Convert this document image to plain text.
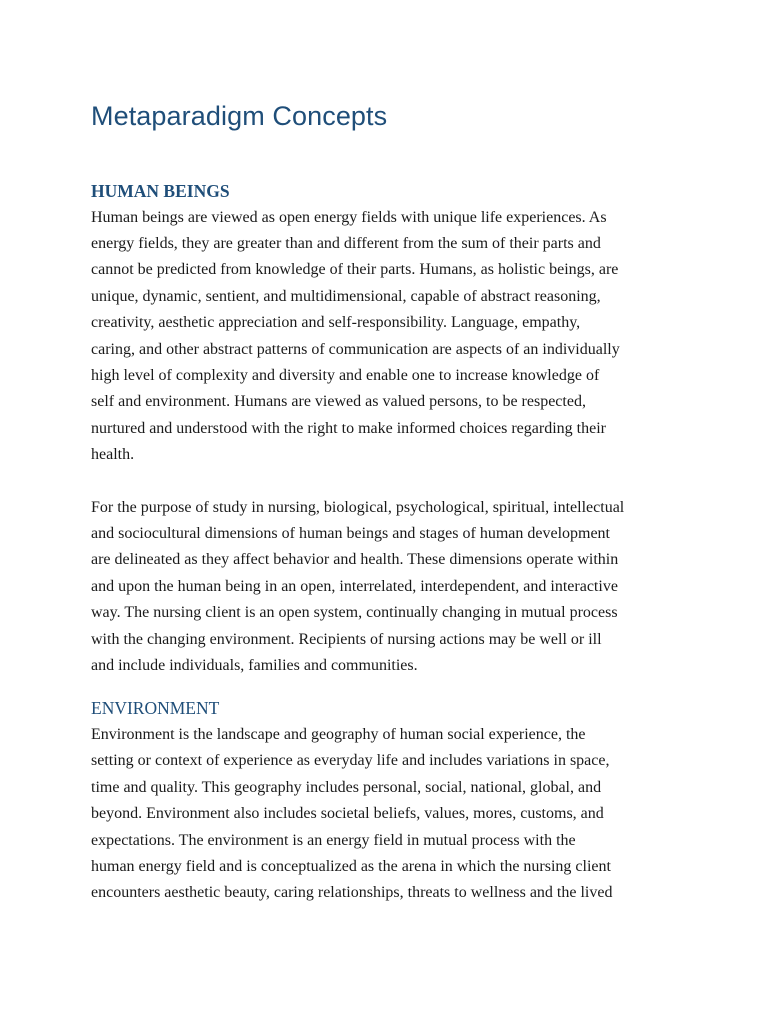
Metaparadigm Concepts
HUMAN BEINGS

Human beings are viewed as open energy fields with unique life experiences. As
energy fields, they are greater than and different from the sum of their parts and
cannot be predicted from knowledge of their parts. Humans, as holistic beings, are
unique, dynamic, sentient, and multidimensional, capable of abstract reasoning,
creativity, aesthetic appreciation and self-responsibility. Language, empathy,
caring, and other abstract patterns of communication are aspects of an individually
high level of complexity and diversity and enable one to increase knowledge of
self and environment. Humans are viewed as valued persons, to be respected,
nurtured and understood with the right to make informed choices regarding their
health.

For the purpose of study in nursing, biological, psychological, spiritual, intellectual
and sociocultural dimensions of human beings and stages of human development
are delineated as they affect behavior and health. These dimensions operate within
and upon the human being in an open, interrelated, interdependent, and interactive
way. The nursing client is an open system, continually changing in mutual process
with the changing environment. Recipients of nursing actions may be well or ill
and include individuals, families and communities.

ENVIRONMENT

Environment is the landscape and geography of human social experience, the
setting or context of experience as everyday life and includes variations in space,
time and quality. This geography includes personal, social, national, global, and
beyond. Environment also includes societal beliefs, values, mores, customs, and
expectations. The environment is an energy field in mutual process with the
human energy field and is conceptualized as the arena in which the nursing client
encounters aesthetic beauty, caring relationships, threats to wellness and the lived
